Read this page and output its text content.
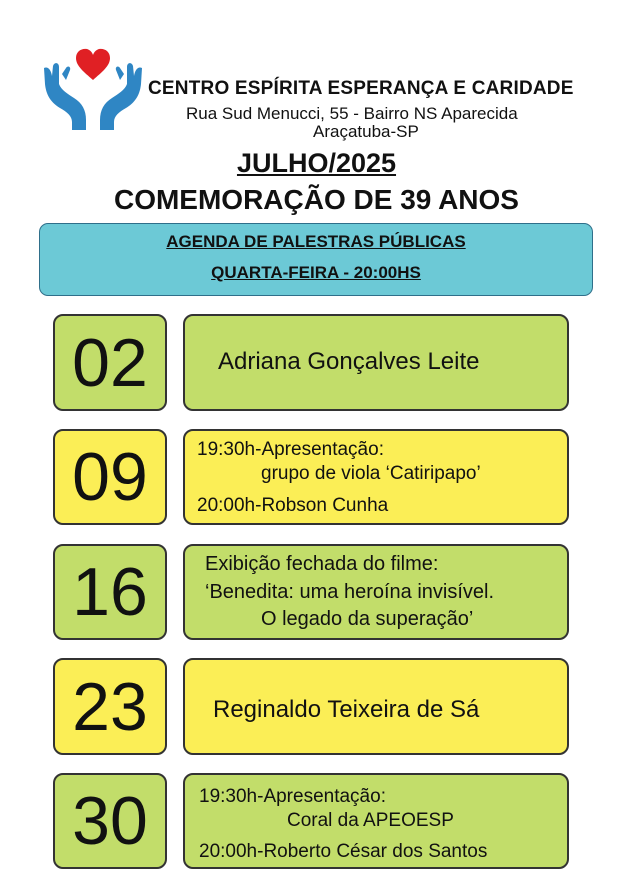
CENTRO ESPÍRITA ESPERANÇA E CARIDADE
Rua Sud Menucci, 55 - Bairro NS Aparecida
Araçatuba-SP
JULHO/2025
COMEMORAÇÃO DE 39 ANOS
AGENDA DE PALESTRAS PÚBLICAS
QUARTA-FEIRA - 20:00HS
02	Adriana Gonçalves Leite
09	19:30h-Apresentação:
grupo de viola ‘Catiripapo’
20:00h-Robson Cunha
16	Exibição fechada do filme:
‘Benedita: uma heroína invisível.
O legado da superação’
23	Reginaldo Teixeira de Sá
30	19:30h-Apresentação:
Coral da APEOESP
20:00h-Roberto César dos Santos
